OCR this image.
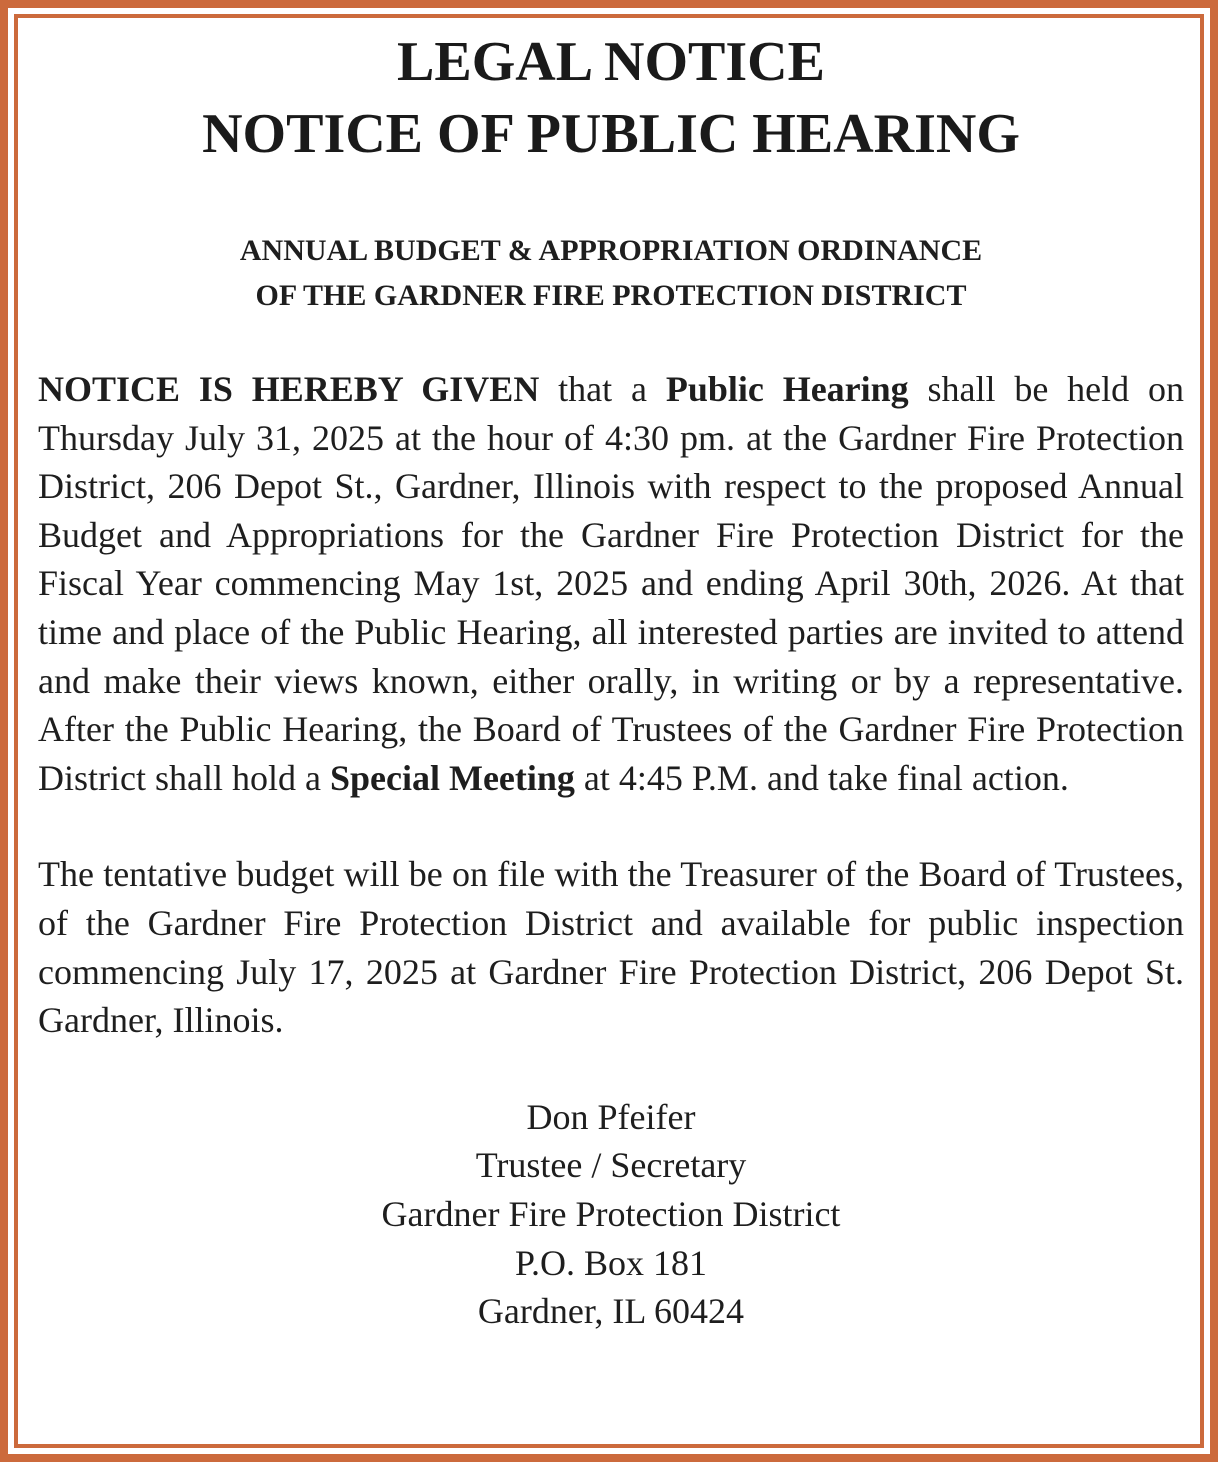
LEGAL NOTICE

NOTICE OF PUBLIC HEARING

ANNUAL BUDGET & APPROPRIATION ORDINANCE

OF THE GARDNER FIRE PROTECTION DISTRICT

NOTICE IS HEREBY GIVEN that a Public Hearing shall be held on Thursday July 31, 2025 at the hour of 4:30 pm. at the Gardner Fire Protection District, 206 Depot St., Gardner, Illinois with respect to the proposed Annual Budget and Appropriations for the Gardner Fire Protection District for the Fiscal Year commencing May 1st, 2025 and ending April 30th, 2026. At that time and place of the Public Hearing, all interested parties are invited to attend and make their views known, either orally, in writing or by a representative. After the Public Hearing, the Board of Trustees of the Gardner Fire Protection District shall hold a Special Meeting at 4:45 P.M. and take final action.

The tentative budget will be on file with the Treasurer of the Board of Trustees, of the Gardner Fire Protection District and available for public inspection commencing July 17, 2025 at Gardner Fire Protection District, 206 Depot St. Gardner, Illinois.

Don Pfeifer

Trustee / Secretary

Gardner Fire Protection District

P.O. Box 181

Gardner, IL 60424
